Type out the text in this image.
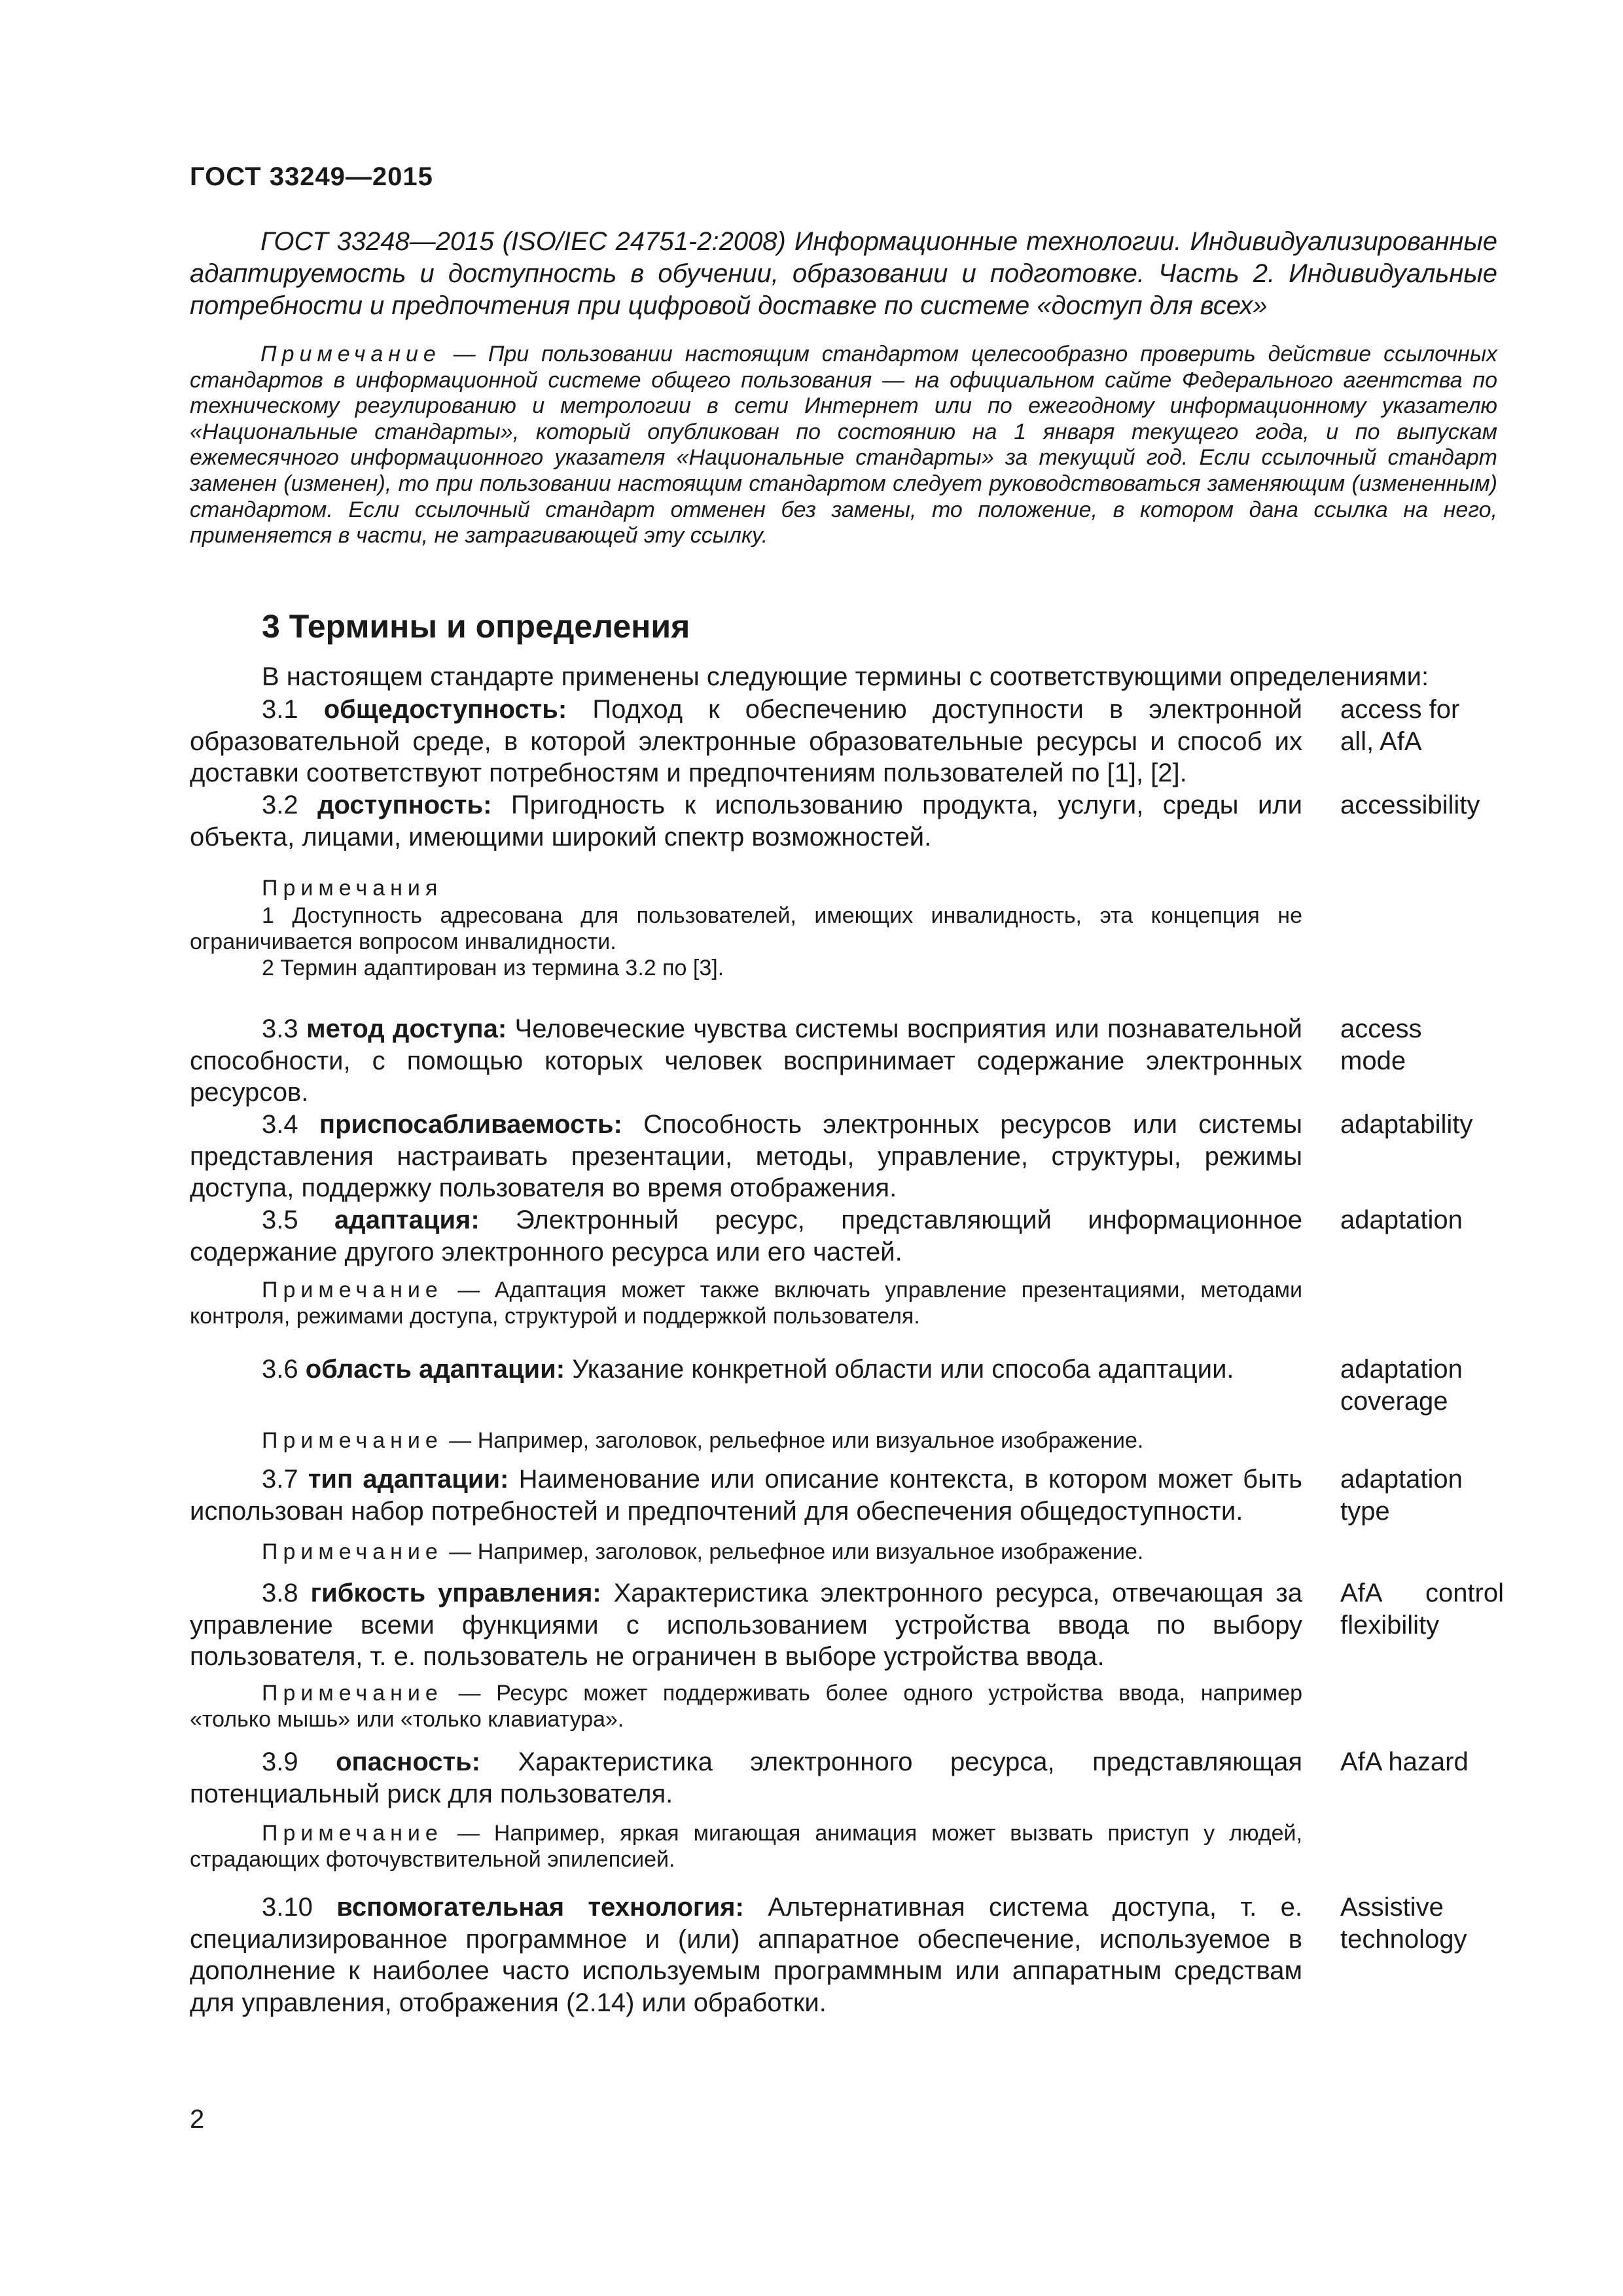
ГОСТ 33249—2015
ГОСТ 33248—2015 (ISO/IEC 24751-2:2008) Информационные технологии. Индивидуализированные адаптируемость и доступность в обучении, образовании и подготовке. Часть 2. Индивидуальные потребности и предпочтения при цифровой доставке по системе «доступ для всех»
Примечание — При пользовании настоящим стандартом целесообразно проверить действие ссылочных стандартов в информационной системе общего пользования — на официальном сайте Федерального агентства по техническому регулированию и метрологии в сети Интернет или по ежегодному информационному указателю «Национальные стандарты», который опубликован по состоянию на 1 января текущего года, и по выпускам ежемесячного информационного указателя «Национальные стандарты» за текущий год. Если ссылочный стандарт заменен (изменен), то при пользовании настоящим стандартом следует руководствоваться заменяющим (измененным) стандартом. Если ссылочный стандарт отменен без замены, то положение, в котором дана ссылка на него, применяется в части, не затрагивающей эту ссылку.
3 Термины и определения
В настоящем стандарте применены следующие термины с соответствующими определениями:
3.1 общедоступность: Подход к обеспечению доступности в электронной образовательной среде, в которой электронные образовательные ресурсы и способ их доставки соответствуют потребностям и предпочтениям пользователей по [1], [2].
access for all, AfA
3.2 доступность: Пригодность к использованию продукта, услуги, среды или объекта, лицами, имеющими широкий спектр возможностей.
accessibility
Примечания
1 Доступность адресована для пользователей, имеющих инвалидность, эта концепция не ограничивается вопросом инвалидности.
2 Термин адаптирован из термина 3.2 по [3].
3.3 метод доступа: Человеческие чувства системы восприятия или познавательной способности, с помощью которых человек воспринимает содержание электронных ресурсов.
access mode
3.4 приспосабливаемость: Способность электронных ресурсов или системы представления настраивать презентации, методы, управление, структуры, режимы доступа, поддержку пользователя во время отображения.
adaptability
3.5 адаптация: Электронный ресурс, представляющий информационное содержание другого электронного ресурса или его частей.
adaptation
Примечание — Адаптация может также включать управление презентациями, методами контроля, режимами доступа, структурой и поддержкой пользователя.
3.6 область адаптации: Указание конкретной области или способа адаптации.	adaptation coverage
Примечание — Например, заголовок, рельефное или визуальное изображение.
3.7 тип адаптации: Наименование или описание контекста, в котором может быть использован набор потребностей и предпочтений для обеспечения общедоступности.
adaptation type
Примечание — Например, заголовок, рельефное или визуальное изображение.
3.8 гибкость управления: Характеристика электронного ресурса, отвечающая за управление всеми функциями с использованием устройства ввода по выбору пользователя, т. е. пользователь не ограничен в выборе устройства ввода.
AfA control flexibility
Примечание — Ресурс может поддерживать более одного устройства ввода, например «только мышь» или «только клавиатура».
3.9 опасность: Характеристика электронного ресурса, представляющая потенциальный риск для пользователя.
AfA hazard
Примечание — Например, яркая мигающая анимация может вызвать приступ у людей, страдающих фоточувствительной эпилепсией.
3.10 вспомогательная технология: Альтернативная система доступа, т. е. специализированное программное и (или) аппаратное обеспечение, используемое в дополнение к наиболее часто используемым программным или аппаратным средствам для управления, отображения (2.14) или обработки.
Assistive technology
2
